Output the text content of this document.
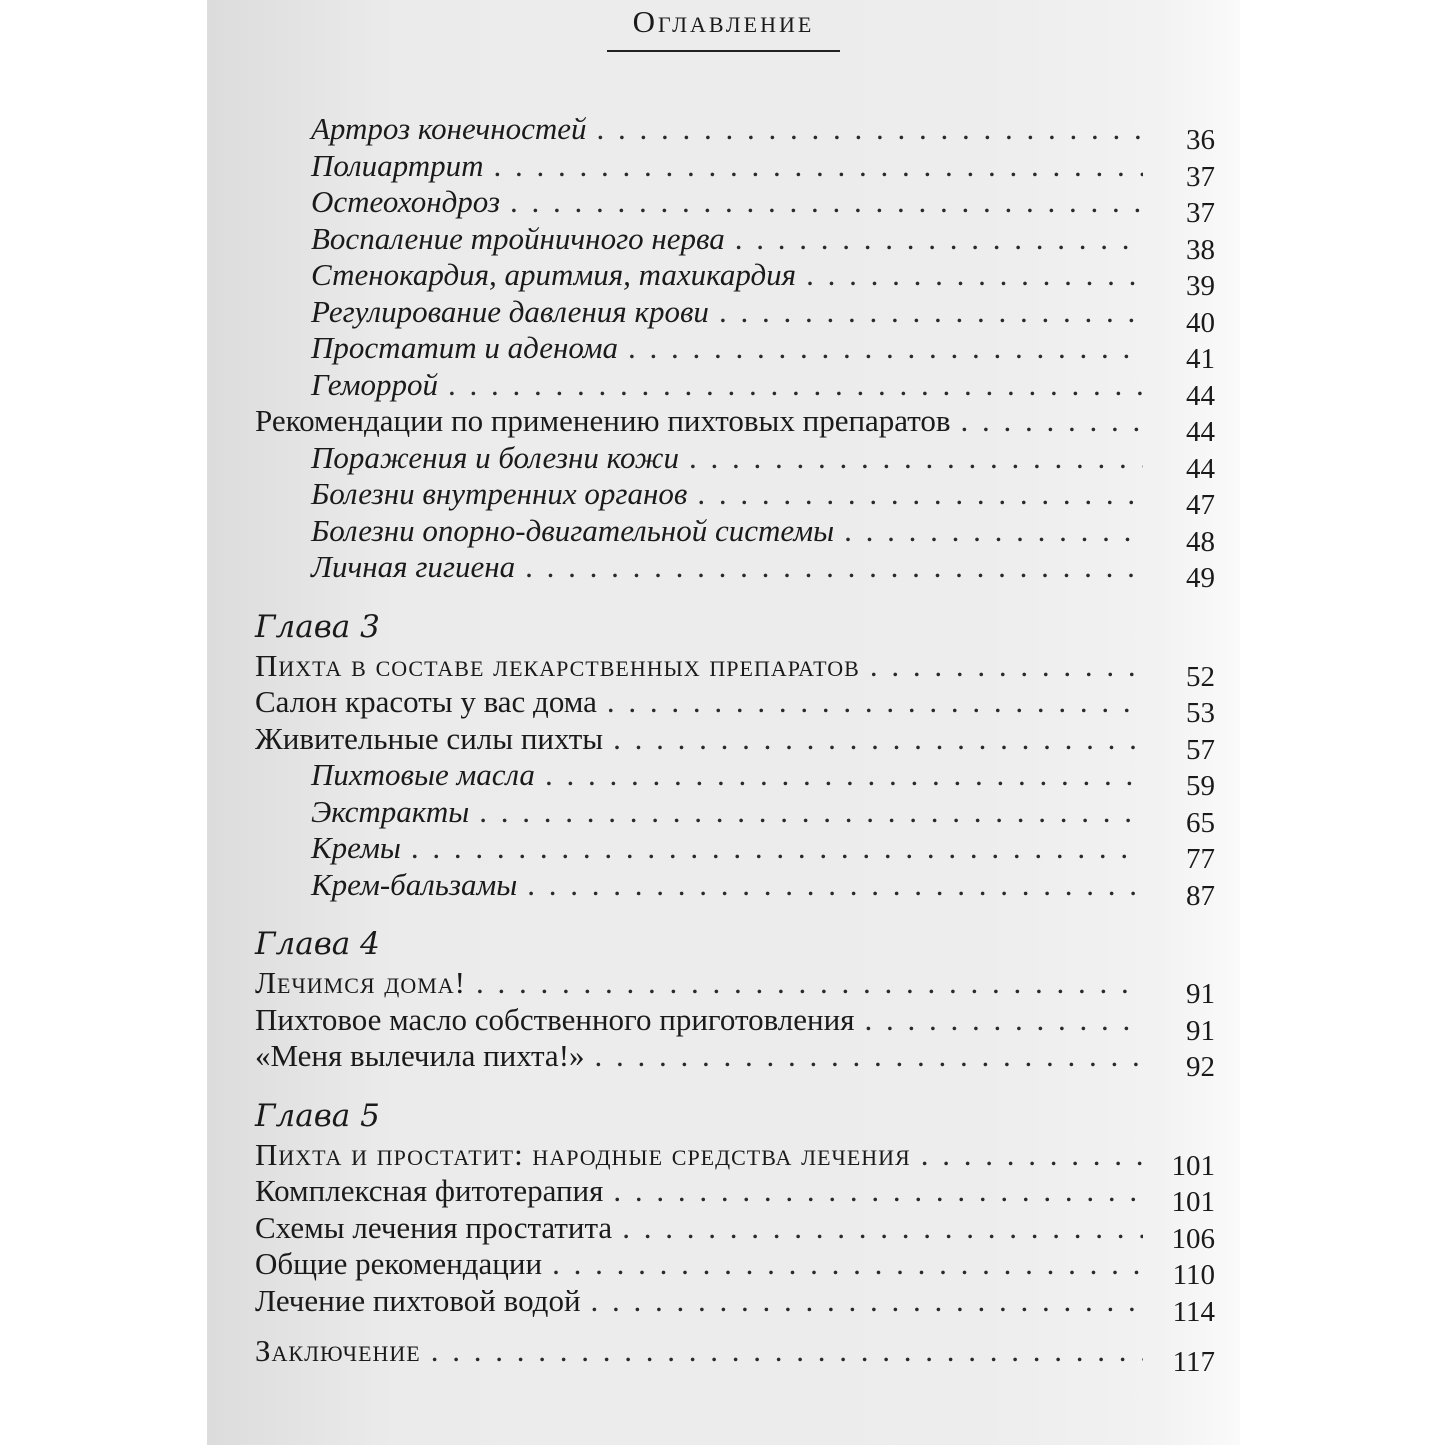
Оглавление
Артроз конечностей . . .	36
Полиартрит . . .	37
Остеохондроз . . .	37
Воспаление тройничного нерва . . .	38
Стенокардия, аритмия, тахикардия . . .	39
Регулирование давления крови . . .	40
Простатит и аденома . . .	41
Геморрой . . .	44
Рекомендации по применению пихтовых препаратов . . .	44
Поражения и болезни кожи . . .	44
Болезни внутренних органов . . .	47
Болезни опорно-двигательной системы . . .	48
Личная гигиена . . .	49
Глава 3
Пихта в составе лекарственных препаратов . . .	52
Салон красоты у вас дома . . .	53
Живительные силы пихты . . .	57
Пихтовые масла . . .	59
Экстракты . . .	65
Кремы . . .	77
Крем-бальзамы . . .	87
Глава 4
Лечимся дома! . . .	91
Пихтовое масло собственного приготовления . . .	91
«Меня вылечила пихта!» . . .	92
Глава 5
Пихта и простатит: народные средства лечения . . .	101
Комплексная фитотерапия . . .	101
Схемы лечения простатита . . .	106
Общие рекомендации . . .	110
Лечение пихтовой водой . . .	114
Заключение . . .	117
